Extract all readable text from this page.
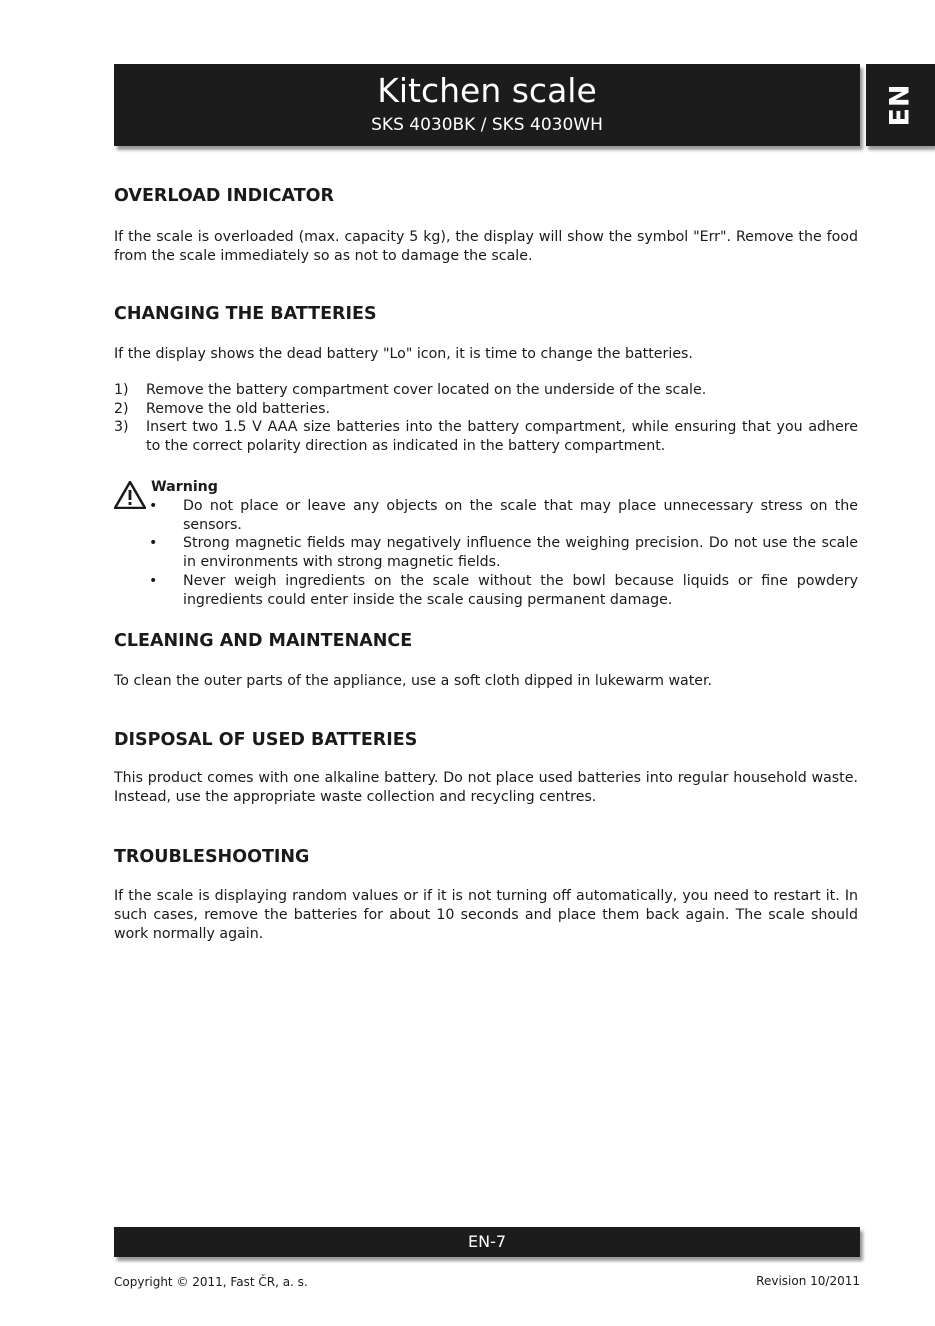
Kitchen scale
SKS 4030BK / SKS 4030WH	EN
OVERLOAD INDICATOR

If the scale is overloaded (max. capacity 5 kg), the display will show the symbol "Err". Remove the food from the scale immediately so as not to damage the scale.

CHANGING THE BATTERIES

If the display shows the dead battery "Lo" icon, it is time to change the batteries.

1) Remove the battery compartment cover located on the underside of the scale.
2) Remove the old batteries.
3) Insert two 1.5 V AAA size batteries into the battery compartment, while ensuring that you adhere to the correct polarity direction as indicated in the battery compartment.
Warning
• Do not place or leave any objects on the scale that may place unnecessary stress on the sensors.
• Strong magnetic fields may negatively influence the weighing precision. Do not use the scale in environments with strong magnetic fields.
• Never weigh ingredients on the scale without the bowl because liquids or fine powdery ingredients could enter inside the scale causing permanent damage.
CLEANING AND MAINTENANCE

To clean the outer parts of the appliance, use a soft cloth dipped in lukewarm water.

DISPOSAL OF USED BATTERIES

This product comes with one alkaline battery. Do not place used batteries into regular household waste. Instead, use the appropriate waste collection and recycling centres.

TROUBLESHOOTING

If the scale is displaying random values or if it is not turning off automatically, you need to restart it. In such cases, remove the batteries for about 10 seconds and place them back again. The scale should work normally again.

EN-7
Copyright © 2011, Fast ČR, a. s.	Revision 10/2011
